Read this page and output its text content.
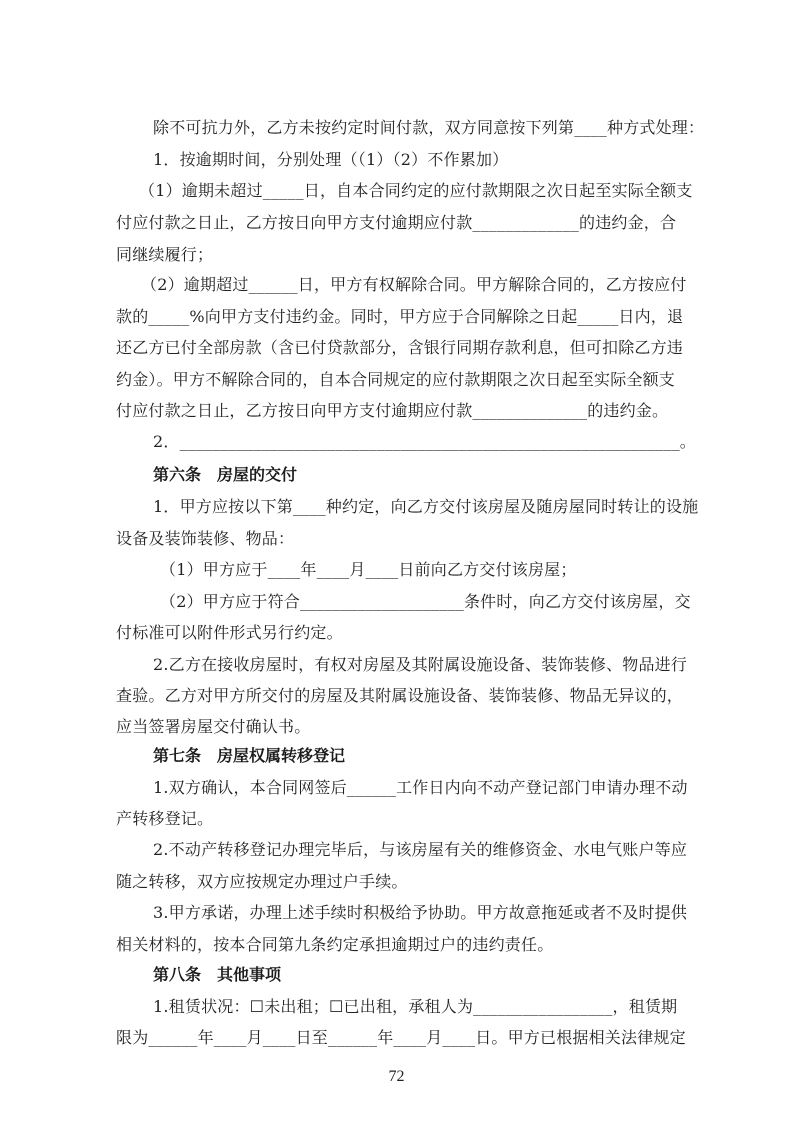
除不可抗力外，乙方未按约定时间付款，双方同意按下列第____种方式处理：
1．按逾期时间，分别处理（（1）（2）不作累加）
（1）逾期未超过_____日，自本合同约定的应付款期限之次日起至实际全额支
付应付款之日止，乙方按日向甲方支付逾期应付款_____________的违约金，合
同继续履行；
（2）逾期超过______日，甲方有权解除合同。甲方解除合同的，乙方按应付
款的_____%向甲方支付违约金。同时，甲方应于合同解除之日起_____日内，退
还乙方已付全部房款（含已付贷款部分，含银行同期存款利息，但可扣除乙方违
约金）。甲方不解除合同的，自本合同规定的应付款期限之次日起至实际全额支
付应付款之日止，乙方按日向甲方支付逾期应付款______________的违约金。
2．_____________________________________________________________。
第六条　房屋的交付
1．甲方应按以下第____种约定，向乙方交付该房屋及随房屋同时转让的设施
设备及装饰装修、物品：
（1）甲方应于____年____月____日前向乙方交付该房屋；
（2）甲方应于符合____________________条件时，向乙方交付该房屋，交
付标准可以附件形式另行约定。
2.乙方在接收房屋时，有权对房屋及其附属设施设备、装饰装修、物品进行
查验。乙方对甲方所交付的房屋及其附属设施设备、装饰装修、物品无异议的，
应当签署房屋交付确认书。
第七条　房屋权属转移登记
1.双方确认，本合同网签后______工作日内向不动产登记部门申请办理不动
产转移登记。
2.不动产转移登记办理完毕后，与该房屋有关的维修资金、水电气账户等应
随之转移，双方应按规定办理过户手续。
3.甲方承诺，办理上述手续时积极给予协助。甲方故意拖延或者不及时提供
相关材料的，按本合同第九条约定承担逾期过户的违约责任。
第八条　其他事项
1.租赁状况：☐未出租；☐已出租，承租人为_________________，租赁期
限为______年____月____日至______年____月____日。甲方已根据相关法律规定
72
